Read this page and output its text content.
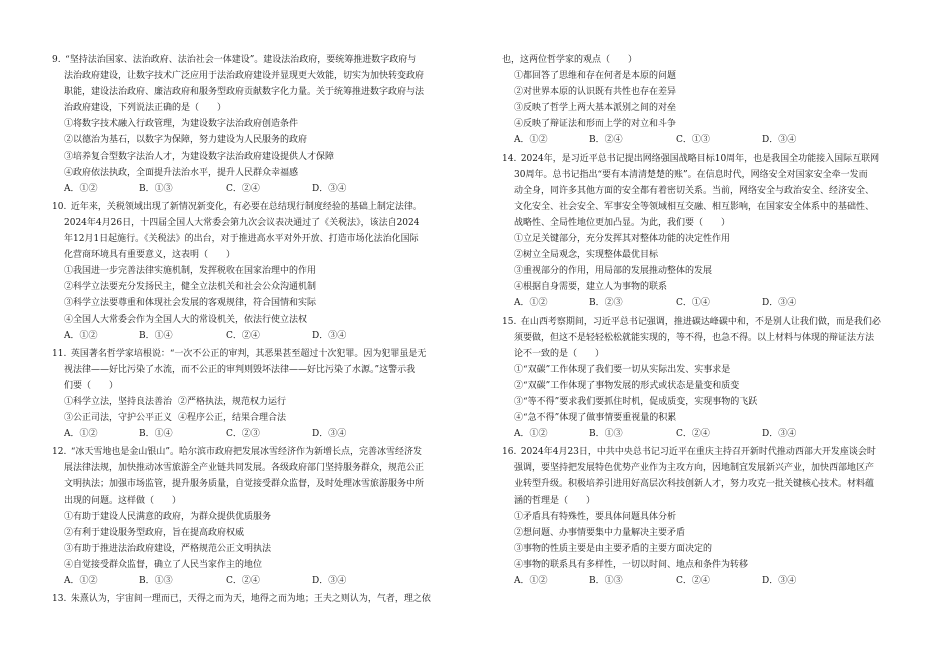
9.  “坚持法治国家、法治政府、法治社会一体建设”。建设法治政府，要统筹推进数字政府与
法治政府建设，让数字技术广泛应用于法治政府建设并显现更大效能，切实为加快转变政府
职能，建设法治政府、廉洁政府和服务型政府贡献数字化力量。关于统筹推进数字政府与法
治政府建设，下列说法正确的是（　　）
①将数字技术融入行政管理，为建设数字法治政府创造条件
②以德治为基石，以数字为保障，努力建设为人民服务的政府
③培养复合型数字法治人才，为建设数字法治政府建设提供人才保障
④政府依法执政，全面提升法治水平，提升人民群众幸福感
A．①②	B．①③	C．②④	D．③④
10.  近年来，关税领域出现了新情况新变化，有必要在总结现行制度经验的基础上制定法律。
2024年4月26日，十四届全国人大常委会第九次会议表决通过了《关税法》，该法自2024
年12月1日起施行。《关税法》的出台，对于推进高水平对外开放、打造市场化法治化国际
化营商环境具有重要意义，这表明（　　）
①我国进一步完善法律实施机制，发挥税收在国家治理中的作用
②科学立法要充分发扬民主，健全立法机关和社会公众沟通机制
③科学立法要尊重和体现社会发展的客观规律，符合国情和实际
④全国人大常委会作为全国人大的常设机关，依法行使立法权
A．①②	B．①④	C．②④	D．③④
11.  英国著名哲学家培根说：“一次不公正的审判，其恶果甚至超过十次犯罪。因为犯罪虽是无
视法律——好比污染了水流，而不公正的审判则毁坏法律——好比污染了水源。”这警示我
们要（　　）
①科学立法，坚持良法善治 ②严格执法，规范权力运行
③公正司法，守护公平正义 ④程序公正，结果合理合法
A．①②	B．①④	C．②③	D．③④
12.  “冰天雪地也是金山银山”。哈尔滨市政府把发展冰雪经济作为新增长点，完善冰雪经济发
展法律法规，加快推动冰雪旅游全产业链共同发展。各级政府部门坚持服务群众，规范公正
文明执法；加强市场监管，提升服务质量，自觉接受群众监督，及时处理冰雪旅游服务中所
出现的问题。这样做（　　）
①有助于建设人民满意的政府，为群众提供优质服务
②有利于建设服务型政府，旨在提高政府权威
③有助于推进法治政府建设，严格规范公正文明执法
④自觉接受群众监督，确立了人民当家作主的地位
A．①②	B．①③	C．②④	D．③④
13.  朱熹认为，宇宙间一理而已，天得之而为天，地得之而为地；王夫之则认为，气者，理之依
也，这两位哲学家的观点（　　）
①都回答了思维和存在何者是本原的问题
②对世界本原的认识既有共性也存在差异
③反映了哲学上两大基本派别之间的对垒
④反映了辩证法和形而上学的对立和斗争
A．①②	B．②④	C．①③	D．③④
14.  2024年，是习近平总书记提出网络强国战略目标10周年，也是我国全功能接入国际互联网
30周年。总书记指出“要有本清清楚楚的账”。在信息时代，网络安全对国家安全牵一发而
动全身，同许多其他方面的安全都有着密切关系。当前，网络安全与政治安全、经济安全、
文化安全、社会安全、军事安全等领域相互交融、相互影响，在国家安全体系中的基础性、
战略性、全局性地位更加凸显。为此，我们要（　　）
①立足关键部分，充分发挥其对整体功能的决定性作用
②树立全局观念，实现整体最优目标
③重视部分的作用，用局部的发展推动整体的发展
④根据自身需要，建立人为事物的联系
A．①②	B．②③	C．①④	D．③④
15.  在山西考察期间，习近平总书记强调，推进碳达峰碳中和，不是别人让我们做，而是我们必
须要做，但这不是轻轻松松就能实现的，等不得，也急不得。以上材料与体现的辩证法方法
论不一致的是（　　）
①“双碳”工作体现了我们要一切从实际出发、实事求是
②“双碳”工作体现了事物发展的形式或状态是量变和质变
③“等不得”要求我们要抓住时机，促成质变，实现事物的飞跃
④“急不得”体现了做事情要重视量的积累
A．①②	B．①③	C．②④	D．③④
16.  2024年4月23日，中共中央总书记习近平在重庆主持召开新时代推动西部大开发座谈会时
强调，要坚持把发展特色优势产业作为主攻方向，因地制宜发展新兴产业，加快西部地区产
业转型升级。积极培养引进用好高层次科技创新人才，努力攻克一批关键核心技术。材料蕴
涵的哲理是（　　）
①矛盾具有特殊性，要具体问题具体分析
②想问题、办事情要集中力量解决主要矛盾
③事物的性质主要是由主要矛盾的主要方面决定的
④事物的联系具有多样性，一切以时间、地点和条件为转移
A．①②	B．①③	C．②④	D．③④
